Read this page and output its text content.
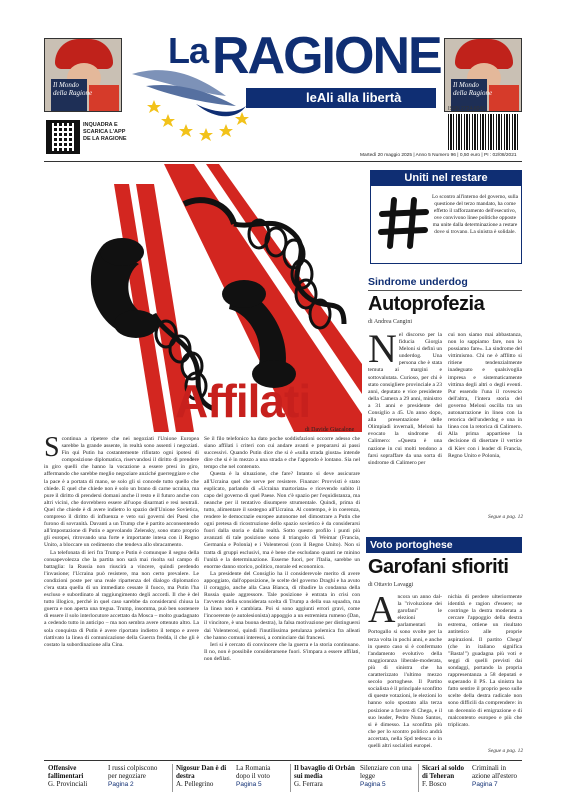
Il Mondo della Ragione
Il Mondo della Ragione
La RAGIONE
leAli alla libertà
INQUADRA E SCARICA L'APP DE LA RAGIONE
ISSN 2724-6043
Martedì 20 maggio 2025 | Anno 5 Numero 96 | 0,50 euro | PI : 02/08/2021
Affilati
di Davide Giacalone
Scontinua a ripetere che nei negoziati l'Unione Europea sarebbe la grande assente, in realtà sono assenti i negoziati. Fin qui Putin ha costantemente rifiutato ogni ipotesi di composizione diplomatica, riservandosi il diritto di prendere in giro quelli che hanno la vocazione a essere presi in giro, affermando che sarebbe meglio negoziare anziché guerreggiare e che la pace è a portata di mano, se solo gli si concede tutto quello che chiede. E quel che chiede non è solo un brano di carne ucraina, ma pure il diritto di prendersi domani anche il resto e il futuro anche con altri vicini, che dovrebbero essere all'uopo disarmati e resi neutrali. Quel che chiede è di avere indietro lo spazio dell'Unione Sovietica, compreso il diritto di influenza e veto sui governi dei Paesi che furono di sovranità. Davanti a un Trump che è partito acconsentendo all'impostazione di Putin e agevolando Zelensky, sono stato proprio gli europei, ritrovando una forte e importante intesa con il Regno Unito, a bloccare un cedimento che tendeva allo sbracamento.
La telefonata di ieri fra Trump e Putin è comunque il segno della consapevolezza che la partita non sarà mai risolta sul campo di battaglia: la Russia non riuscirà a vincere, quindi perdendo l'invasione; l'Ucraina può resistere, ma non certo prevalere. Le condizioni poste per una reale ripartenza del dialogo diplomatico c'era stata quella di un immediato cessate il fuoco, ma Putin l'ha escluso e subordinato al raggiungimento degli accordi. Il che è del tutto illogico, perché in quel caso sarebbe da considerarsi chiusa la guerra e non aperta una tregua. Trump, insomma, può ben sostenere di essere il solo interlocutore accettato da Mosca – molto guadagnato a cedendo tutto in anticipo – ma non sembra avere ottenuto altro. La sola conquista di Putin è avere riportato indietro il tempo e avere riattivato la linea di comunicazione della Guerra fredda, il che gli è costato la subordinazione alla Cina.
Se il filo telefonico ha dato poche soddisfazioni occorre adesso che siano affilati i criteri con cui andare avanti e prepararsi ai passi successivi. Quando Putin dice che si è «sulla strada giusta» intende dire che si è in mezzo a una strada e che l'approdo è lontano. Sia nel tempo che nel contenuto.
Questa è la situazione, che fare? Intanto si deve assicurare all'Ucraina quel che serve per resistere. Finanze: Provvisti è stato euplicato, parlando di «Ucraina martoriata» e ricevendo subito il capo del governo di quel Paese. Non c'è spazio per l'equidistanza, ma neanche per il tentativo disumpere strumentale. Quindi, prima di tutto, alimentare il sostegno all'Ucraina. Al contempo, è in coerenza, rendere le democrazie europee autonome nel dimostrare a Putin che ogni pretesa di ricostruzione dello spazio sovietico è da considerarsi fuori dalla storia e dalla realtà. Sotto questo profilo i punti più avanzati di tale posizione sono il triangolo di Weimar (Francia, Germania e Polonia) e i Volenterosi (con il Regno Unito). Non si tratta di gruppi esclusivi, ma è bene che escludano quanti ne minino l'unità e la determinazione. Esserne fuori, per l'Italia, sarebbe un enorme danno storico, politico, morale ed economico.
La presidente del Consiglio ha il considerevole merito di avere appoggiato, dall'opposizione, le scelte del governo Draghi e ha avuto il coraggio, anche alla Casa Bianca, di ribadire la condanna della Russia quale aggressore. Tale posizione è entrata in crisi con l'avvento della sconsiderata scelta di Trump a della sua squadra, ma la linea non è cambiata. Poi si sono aggiunti errori gravi, come l'incoerente (e autolesionista) appoggio a un estremista rumeno (Dan, il vincitore, è una buona destra), la falsa motivazione per distinguersi dai Volenterosi, quindi l'inutilissima petulanza polemica fra alleati che hanno comuni interessi, a cominciare dai francesi.
Ieri si è cercato di convincere che la guerra e la storia continuano. Il no, non è possibile considerarsene fuori. S'impara a essere affilati, non defilati.
Uniti nel restare
Lo scontro all'interno del governo, sulla questione del terzo mandato, ha come effetto il rafforzamento dell'esecutivo, ove convivono linee politiche opposte ma unite dalla determinazione a restare dove si trovano. La sinistra è solidale.
Sindrome underdog
Autoprofezia
di Andrea Cangini
Nel discorso per la fiducia Giorgia Meloni si definì un underdog. Una persona che è stata temuta ai margini e sottovalutata. Curioso, per chi è stato consigliere provinciale a 23 anni, deputato e vice presidente della Camera a 29 anni, ministro a 31 anni e presidente del Consiglio a 45. Un anno dopo, alla presentazione delle Olimpiadi invernali, Meloni ha evocato la sindrome di Calimero: «Questa è una nazione in cui molti tendono a farsi sopraffare da una sorta di sindrome di Calimero per
cui non siamo mai abbastanza, non lo sappiamo fare, non lo possiamo fare». La sindrome del vittimismo. Chi ne è afflitto si ritiene tendenzialmente inadeguato e qualsivoglia impresa e sistematicamente vittima degli altri o degli eventi. Pur essendo l'una il rovescio dell'altra, l'intera storia del governo Meloni oscilla tra un autonarrazione in linea con la retorica dell'underdog e una in linea con la retorica di Calimero. Alla prima appartiene la decisione di disertare il vertice di Kiev con i leader di Francia, Regno Unito e Polonia,
Segue a pag. 12
Voto portoghese
Garofani sfioriti
di Ottavio Lavaggi
Ancora un anno dal-la "rivoluzione dei garofani" le elezioni parlamentari in Portogallo si sono svolte per la terza volta in pochi anni, e anche in questo caso si è confermato l'andamento evolutivo della maggioranza liberale-moderata, più di sinistra che ha caratterizzato l'ultimo mezzo secolo portoghese. Il Partito socialista è il principale sconfitto di queste votazioni, le elezioni lo hanno solo spostato alla terza posizione a favore di Chega, e il suo leader, Pedro Nuno Santos, si è dimesso. La sconfitta più che per lo scontro politico andrà accertata, nella Spd tedesca o in quelli altri socialisti europei.
nichia di perdere ulteriormente identità e ragion d'essere; se costringe la destra moderata a cercare l'appoggio della destra estrema, ottiene un risultato antitetico alle proprie aspirazioni. Il partito Chega' (che in italiano significa "Basta!") guadagna più voti e seggi di quelli previsti dai sondaggi, portando la propria rappresentanza a 58 deputati e superando il PS. La sinistra ha fatto sentire il proprio peso sulle scelte della destra radicale non sono difficili da comprendere: in un decennio di emigrazione e di malcontento europeo e più che triplicato.
Segue a pag. 12
Offensive fallimentari
G. Provinciali
I russi colpiscono per negoziare
Pagina 2
Nigosur Dan è di destra
A. Pellegrino
La Romania dopo il voto
Pagina 5
Il bavaglio di Orbán sui media
G. Ferrara
Silenziare con una legge
Pagina 5
Sicari al soldo di Teheran
F. Bosco
Criminali in azione all'estero
Pagina 7
